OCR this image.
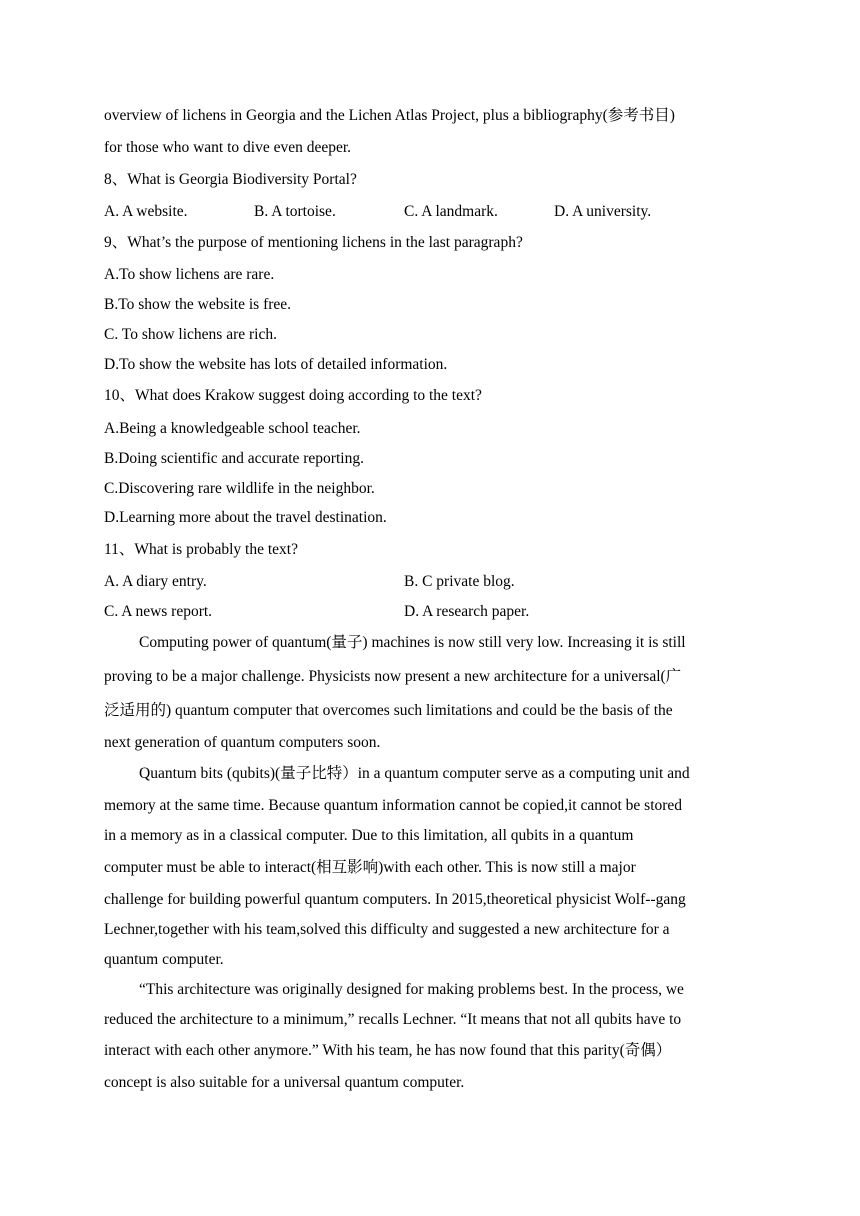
overview of lichens in Georgia and the Lichen Atlas Project, plus a bibliography(参考书目)
for those who want to dive even deeper.
8、What is Georgia Biodiversity Portal?
A. A website.	B. A tortoise.	C. A landmark.	D. A university.
9、What’s the purpose of mentioning lichens in the last paragraph?
A.To show lichens are rare.
B.To show the website is free.
C. To show lichens are rich.
D.To show the website has lots of detailed information.
10、What does Krakow suggest doing according to the text?
A.Being a knowledgeable school teacher.
B.Doing scientific and accurate reporting.
C.Discovering rare wildlife in the neighbor.
D.Learning more about the travel destination.
11、What is probably the text?
A. A diary entry.	B. C private blog.
C. A news report.	D. A research paper.
Computing power of quantum(量子) machines is now still very low. Increasing it is still
proving to be a major challenge. Physicists now present a new architecture for a universal(广
泛适用的) quantum computer that overcomes such limitations and could be the basis of the
next generation of quantum computers soon.
Quantum bits (qubits)(量子比特）in a quantum computer serve as a computing unit and
memory at the same time. Because quantum information cannot be copied,it cannot be stored
in a memory as in a classical computer. Due to this limitation, all qubits in a quantum
computer must be able to interact(相互影响)with each other. This is now still a major
challenge for building powerful quantum computers. In 2015,theoretical physicist Wolf--gang
Lechner,together with his team,solved this difficulty and suggested a new architecture for a
quantum computer.
“This architecture was originally designed for making problems best. In the process, we
reduced the architecture to a minimum,” recalls Lechner. “It means that not all qubits have to
interact with each other anymore.” With his team, he has now found that this parity(奇偶）
concept is also suitable for a universal quantum computer.
